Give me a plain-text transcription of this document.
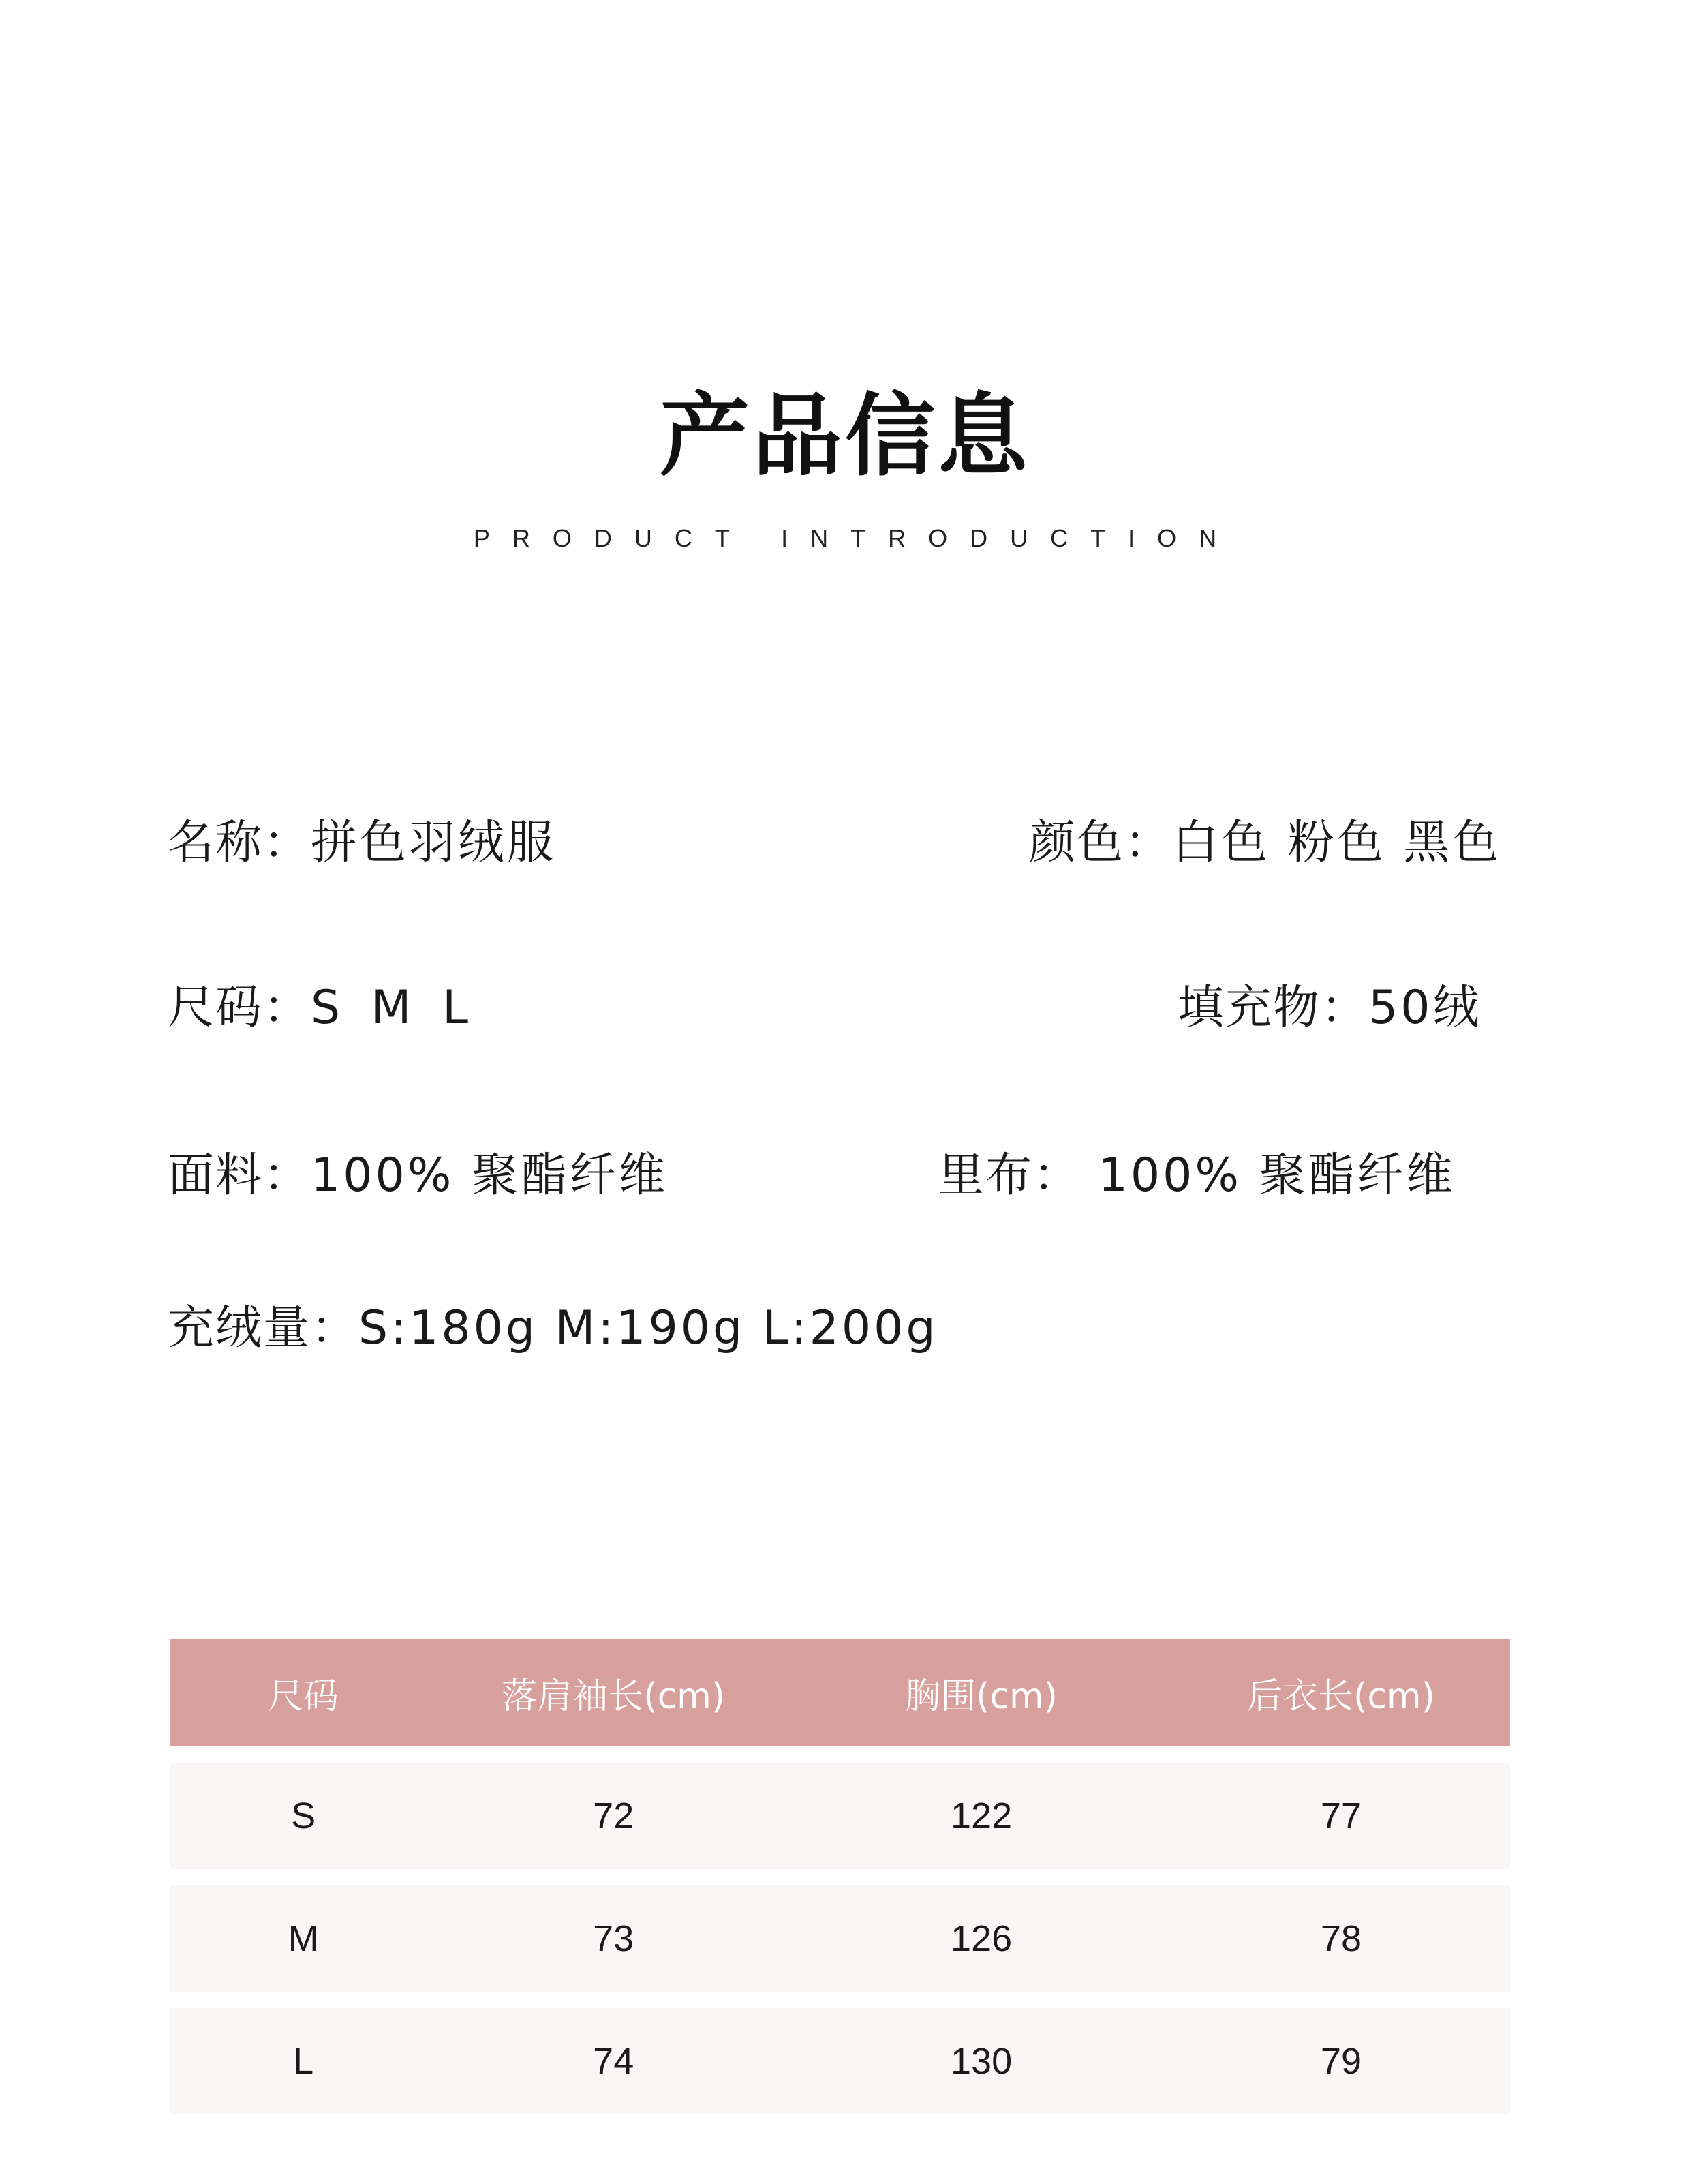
产品信息
PRODUCT INTRODUCTION
名称：拼色羽绒服	颜色：白色 粉色 黑色
尺码：S M L	填充物：50绒
面料：100% 聚酯纤维	里布： 100% 聚酯纤维
充绒量：S:180g M:190g L:200g
尺码	落肩袖长(cm)	胸围(cm)	后衣长(cm)
S	72	122	77
M	73	126	78
L	74	130	79
